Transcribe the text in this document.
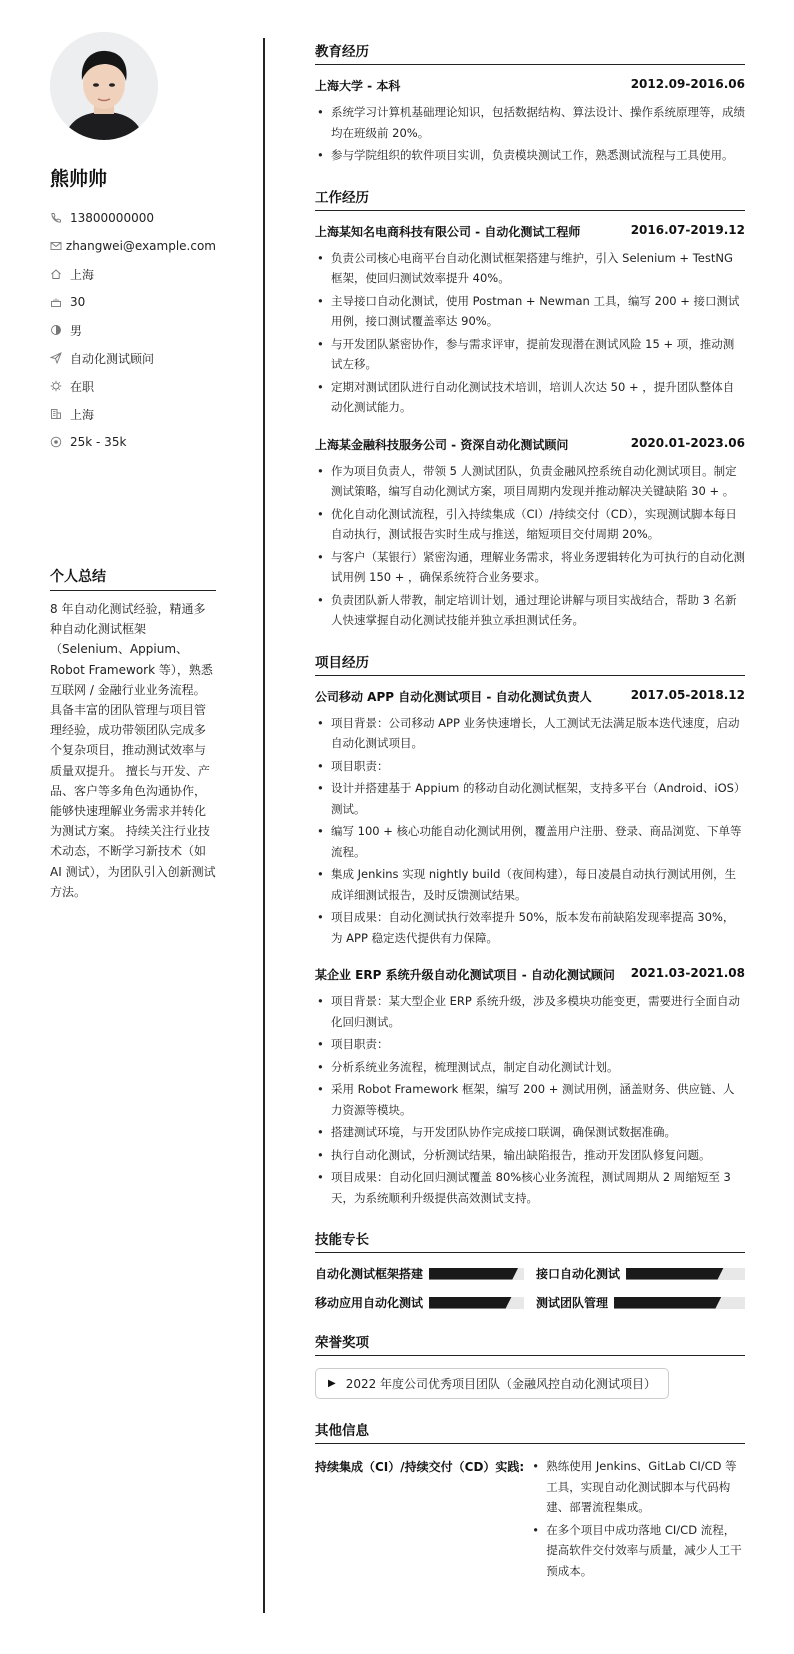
熊帅帅
13800000000
zhangwei@example.com
上海
30
男
自动化测试顾问
在职
上海
25k - 35k
个人总结
8 年自动化测试经验，精通多种自动化测试框架（Selenium、Appium、Robot Framework 等），熟悉互联网 / 金融行业业务流程。 具备丰富的团队管理与项目管理经验，成功带领团队完成多个复杂项目，推动测试效率与质量双提升。 擅长与开发、产品、客户等多角色沟通协作，能够快速理解业务需求并转化为测试方案。 持续关注行业技术动态，不断学习新技术（如 AI 测试），为团队引入创新测试方法。
教育经历
上海大学 - 本科	2012.09-2016.06
• 系统学习计算机基础理论知识，包括数据结构、算法设计、操作系统原理等，成绩均在班级前 20%。
• 参与学院组织的软件项目实训，负责模块测试工作，熟悉测试流程与工具使用。
工作经历
上海某知名电商科技有限公司 - 自动化测试工程师	2016.07-2019.12
• 负责公司核心电商平台自动化测试框架搭建与维护，引入 Selenium + TestNG 框架，使回归测试效率提升 40%。
• 主导接口自动化测试，使用 Postman + Newman 工具，编写 200 + 接口测试用例，接口测试覆盖率达 90%。
• 与开发团队紧密协作，参与需求评审，提前发现潜在测试风险 15 + 项，推动测试左移。
• 定期对测试团队进行自动化测试技术培训，培训人次达 50 + ，提升团队整体自动化测试能力。
上海某金融科技服务公司 - 资深自动化测试顾问	2020.01-2023.06
• 作为项目负责人，带领 5 人测试团队，负责金融风控系统自动化测试项目。制定测试策略，编写自动化测试方案，项目周期内发现并推动解决关键缺陷 30 + 。
• 优化自动化测试流程，引入持续集成（CI）/持续交付（CD），实现测试脚本每日自动执行，测试报告实时生成与推送，缩短项目交付周期 20%。
• 与客户（某银行）紧密沟通，理解业务需求，将业务逻辑转化为可执行的自动化测试用例 150 + ，确保系统符合业务要求。
• 负责团队新人带教，制定培训计划，通过理论讲解与项目实战结合，帮助 3 名新人快速掌握自动化测试技能并独立承担测试任务。
项目经历
公司移动 APP 自动化测试项目 - 自动化测试负责人	2017.05-2018.12
• 项目背景：公司移动 APP 业务快速增长，人工测试无法满足版本迭代速度，启动自动化测试项目。
• 项目职责：
• 设计并搭建基于 Appium 的移动自动化测试框架，支持多平台（Android、iOS）测试。
• 编写 100 + 核心功能自动化测试用例，覆盖用户注册、登录、商品浏览、下单等流程。
• 集成 Jenkins 实现 nightly build（夜间构建），每日凌晨自动执行测试用例，生成详细测试报告，及时反馈测试结果。
• 项目成果：自动化测试执行效率提升 50%，版本发布前缺陷发现率提高 30%，为 APP 稳定迭代提供有力保障。
某企业 ERP 系统升级自动化测试项目 - 自动化测试顾问 2021.03-2021.08
• 项目背景：某大型企业 ERP 系统升级，涉及多模块功能变更，需要进行全面自动化回归测试。
• 项目职责：
• 分析系统业务流程，梳理测试点，制定自动化测试计划。
• 采用 Robot Framework 框架，编写 200 + 测试用例，涵盖财务、供应链、人力资源等模块。
• 搭建测试环境，与开发团队协作完成接口联调，确保测试数据准确。
• 执行自动化测试，分析测试结果，输出缺陷报告，推动开发团队修复问题。
• 项目成果：自动化回归测试覆盖 80%核心业务流程，测试周期从 2 周缩短至 3 天，为系统顺利升级提供高效测试支持。
技能专长
自动化测试框架搭建	接口自动化测试
移动应用自动化测试	测试团队管理
荣誉奖项
▶ 2022 年度公司优秀项目团队（金融风控自动化测试项目）
其他信息
持续集成（CI）/持续交付（CD）实践:
•	熟练使用 Jenkins、GitLab CI/CD 等工具，实现自动化测试脚本与代码构建、部署流程集成。
• 在多个项目中成功落地 CI/CD 流程，提高软件交付效率与质量，减少人工干预成本。
